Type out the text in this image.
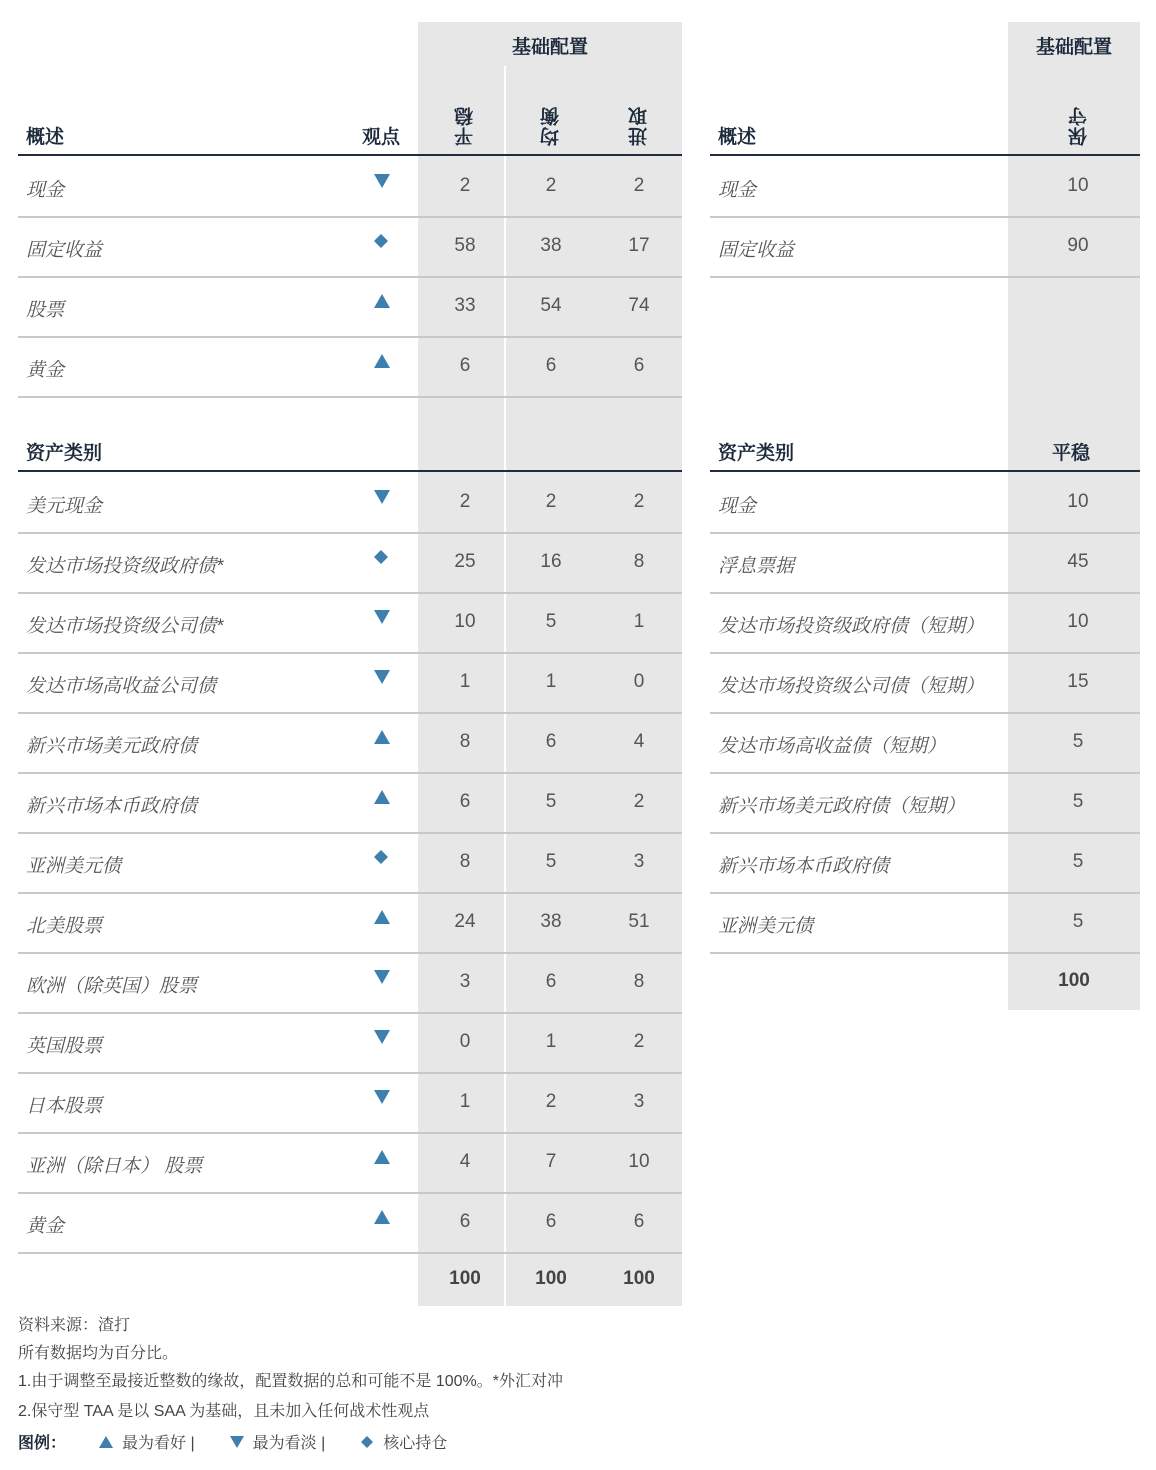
基础配置
概述	观点	平稳	均衡	进取
现金	2	2	2
固定收益	58	38	17
股票	33	54	74
黄金	6	6	6
资产类别
美元现金	2	2	2
发达市场投资级政府债*	25	16	8
发达市场投资级公司债*	10	5	1
发达市场高收益公司债	1	1	0
新兴市场美元政府债	8	6	4
新兴市场本币政府债	6	5	2
亚洲美元债	8	5	3
北美股票	24	38	51
欧洲（除英国）股票	3	6	8
英国股票	0	1	2
日本股票	1	2	3
亚洲（除日本） 股票	4	7	10
黄金	6	6	6
100	100	100
基础配置
概述	保守
现金	10
固定收益	90
资产类别	平稳
现金	10
浮息票据	45
发达市场投资级政府债（短期）	10
发达市场投资级公司债（短期）	15
发达市场高收益债（短期）	5
新兴市场美元政府债（短期）	5
新兴市场本币政府债	5
亚洲美元债	5
100
资料来源：渣打
所有数据均为百分比。
1.由于调整至最接近整数的缘故，配置数据的总和可能不是 100%。*外汇对冲
2.保守型 TAA 是以 SAA 为基础，且未加入任何战术性观点
图例：	最为看好 |	最为看淡 |	核心持仓
